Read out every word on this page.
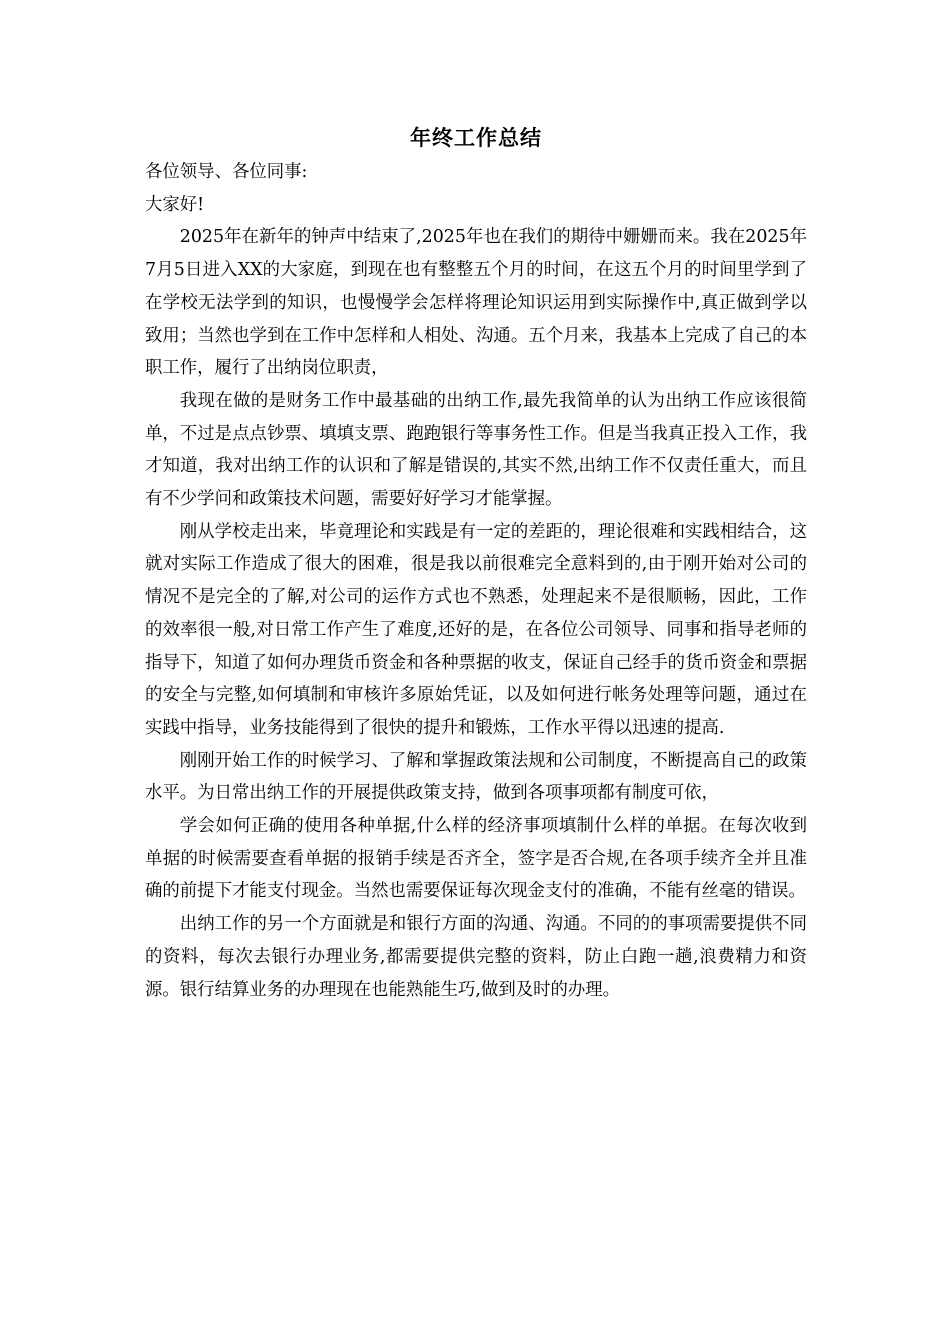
年终工作总结

各位领导、各位同事:

大家好!

2025年在新年的钟声中结束了,2025年也在我们的期待中姗姗而来。我在2025年7月5日进入XX的大家庭，到现在也有整整五个月的时间，在这五个月的时间里学到了在学校无法学到的知识，也慢慢学会怎样将理论知识运用到实际操作中,真正做到学以致用；当然也学到在工作中怎样和人相处、沟通。五个月来，我基本上完成了自己的本职工作，履行了出纳岗位职责，

我现在做的是财务工作中最基础的出纳工作,最先我简单的认为出纳工作应该很简单，不过是点点钞票、填填支票、跑跑银行等事务性工作。但是当我真正投入工作，我才知道，我对出纳工作的认识和了解是错误的,其实不然,出纳工作不仅责任重大，而且有不少学问和政策技术问题，需要好好学习才能掌握。

刚从学校走出来，毕竟理论和实践是有一定的差距的，理论很难和实践相结合，这就对实际工作造成了很大的困难，很是我以前很难完全意料到的,由于刚开始对公司的情况不是完全的了解,对公司的运作方式也不熟悉，处理起来不是很顺畅，因此，工作的效率很一般,对日常工作产生了难度,还好的是，在各位公司领导、同事和指导老师的指导下，知道了如何办理货币资金和各种票据的收支，保证自己经手的货币资金和票据的安全与完整,如何填制和审核许多原始凭证，以及如何进行帐务处理等问题，通过在实践中指导，业务技能得到了很快的提升和锻炼，工作水平得以迅速的提高.

刚刚开始工作的时候学习、了解和掌握政策法规和公司制度，不断提高自己的政策水平。为日常出纳工作的开展提供政策支持，做到各项事项都有制度可依，

学会如何正确的使用各种单据,什么样的经济事项填制什么样的单据。在每次收到单据的时候需要查看单据的报销手续是否齐全，签字是否合规,在各项手续齐全并且准确的前提下才能支付现金。当然也需要保证每次现金支付的准确，不能有丝毫的错误。

出纳工作的另一个方面就是和银行方面的沟通、沟通。不同的的事项需要提供不同的资料，每次去银行办理业务,都需要提供完整的资料，防止白跑一趟,浪费精力和资源。银行结算业务的办理现在也能熟能生巧,做到及时的办理。
